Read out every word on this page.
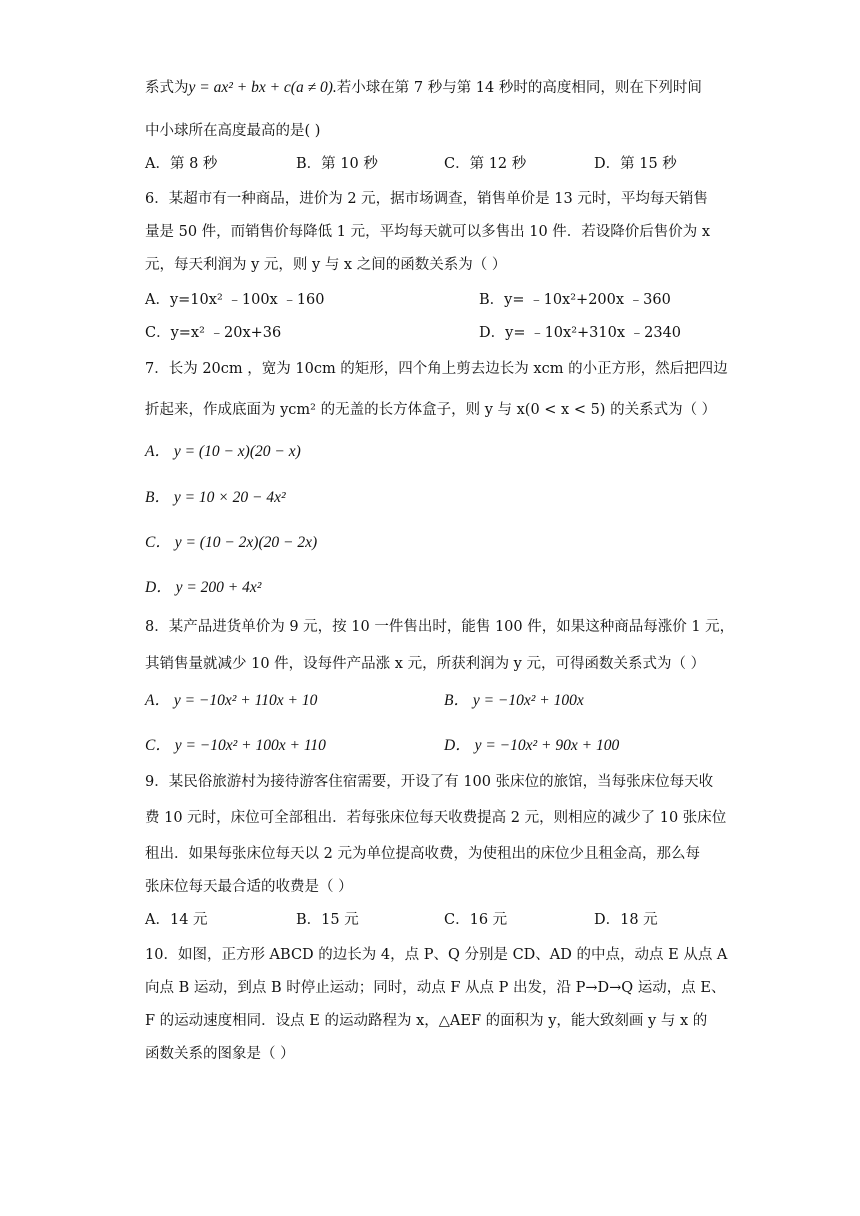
系式为y = ax² + bx + c(a ≠ 0).若小球在第 7 秒与第 14 秒时的高度相同，则在下列时间
中小球所在高度最高的是( )
A．第 8 秒	B．第 10 秒	C．第 12 秒	D．第 15 秒
6．某超市有一种商品，进价为 2 元，据市场调查，销售单价是 13 元时，平均每天销售
量是 50 件，而销售价每降低 1 元，平均每天就可以多售出 10 件．若设降价后售价为 x
元，每天利润为 y 元，则 y 与 x 之间的函数关系为（ ）
A．y=10x² ﹣100x ﹣160	B．y= ﹣10x²+200x ﹣360
C．y=x² ﹣20x+36	D．y= ﹣10x²+310x ﹣2340
7．长为 20cm ，宽为 10cm 的矩形，四个角上剪去边长为 xcm 的小正方形，然后把四边
折起来，作成底面为 ycm² 的无盖的长方体盒子，则 y 与 x(0 < x < 5) 的关系式为（ ）
A． y = (10 − x)(20 − x)
B． y = 10 × 20 − 4x²
C． y = (10 − 2x)(20 − 2x)
D． y = 200 + 4x²
8．某产品进货单价为 9 元，按 10 一件售出时，能售 100 件，如果这种商品每涨价 1 元，
其销售量就减少 10 件，设每件产品涨 x 元，所获利润为 y 元，可得函数关系式为（ ）
A． y = −10x² + 110x + 10	B． y = −10x² + 100x
C． y = −10x² + 100x + 110	D． y = −10x² + 90x + 100
9．某民俗旅游村为接待游客住宿需要，开设了有 100 张床位的旅馆，当每张床位每天收
费 10 元时，床位可全部租出．若每张床位每天收费提高 2 元，则相应的减少了 10 张床位
租出．如果每张床位每天以 2 元为单位提高收费，为使租出的床位少且租金高，那么每
张床位每天最合适的收费是（ ）
A．14 元	B．15 元	C．16 元	D．18 元
10．如图，正方形 ABCD 的边长为 4，点 P、Q 分别是 CD、AD 的中点，动点 E 从点 A
向点 B 运动，到点 B 时停止运动；同时，动点 F 从点 P 出发，沿 P→D→Q 运动，点 E、
F 的运动速度相同．设点 E 的运动路程为 x，△AEF 的面积为 y，能大致刻画 y 与 x 的
函数关系的图象是（ ）
